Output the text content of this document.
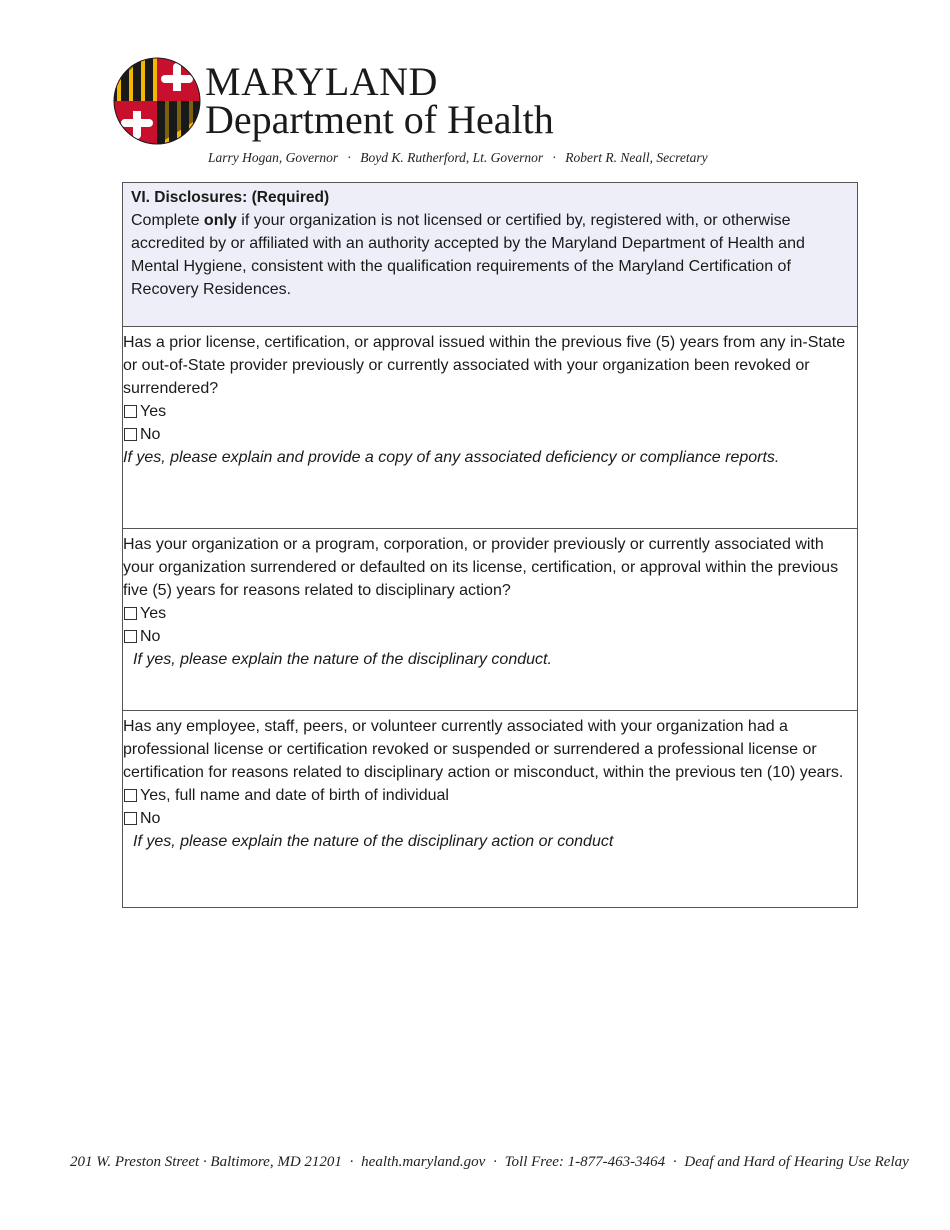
MARYLAND
Department of Health
Larry Hogan, Governor · Boyd K. Rutherford, Lt. Governor · Robert R. Neall, Secretary
VI. Disclosures: (Required)
Complete only if your organization is not licensed or certified by, registered with, or otherwise accredited by or affiliated with an authority accepted by the Maryland Department of Health and Mental Hygiene, consistent with the qualification requirements of the Maryland Certification of Recovery Residences.
Has a prior license, certification, or approval issued within the previous five (5) years from any in-State or out-of-State provider previously or currently associated with your organization been revoked or surrendered?
Yes
No
If yes, please explain and provide a copy of any associated deficiency or compliance reports.
Has your organization or a program, corporation, or provider previously or currently associated with your organization surrendered or defaulted on its license, certification, or approval within the previous five (5) years for reasons related to disciplinary action?
Yes
No
If yes, please explain the nature of the disciplinary conduct.
Has any employee, staff, peers, or volunteer currently associated with your organization had a professional license or certification revoked or suspended or surrendered a professional license or certification for reasons related to disciplinary action or misconduct, within the previous ten (10) years.
Yes, full name and date of birth of individual
No
If yes, please explain the nature of the disciplinary action or conduct
201 W. Preston Street · Baltimore, MD 21201 · health.maryland.gov · Toll Free: 1-877-463-3464 · Deaf and Hard of Hearing Use Relay
